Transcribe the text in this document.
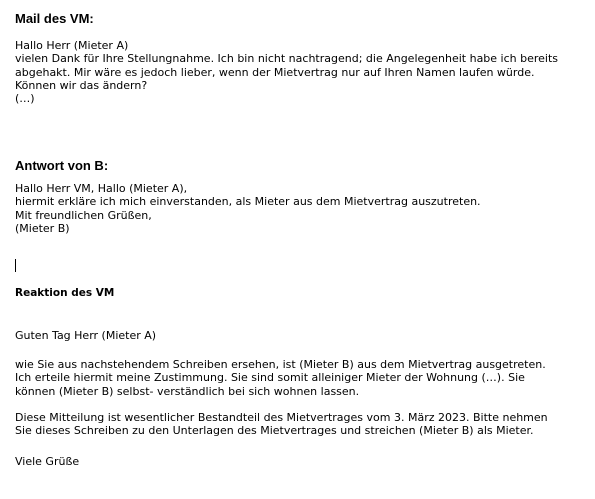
Mail des VM:
Hallo Herr (Mieter A)
vielen Dank für Ihre Stellungnahme. Ich bin nicht nachtragend; die Angelegenheit habe ich bereits
abgehakt. Mir wäre es jedoch lieber, wenn der Mietvertrag nur auf Ihren Namen laufen würde.
Können wir das ändern?
(…)
Antwort von B:
Hallo Herr VM, Hallo (Mieter A),
hiermit erkläre ich mich einverstanden, als Mieter aus dem Mietvertrag auszutreten.
Mit freundlichen Grüßen,
(Mieter B)
Reaktion des VM
Guten Tag Herr (Mieter A)
wie Sie aus nachstehendem Schreiben ersehen, ist (Mieter B) aus dem Mietvertrag ausgetreten.
Ich erteile hiermit meine Zustimmung. Sie sind somit alleiniger Mieter der Wohnung (…). Sie
können (Mieter B) selbst- verständlich bei sich wohnen lassen.
Diese Mitteilung ist wesentlicher Bestandteil des Mietvertrages vom 3. März 2023. Bitte nehmen
Sie dieses Schreiben zu den Unterlagen des Mietvertrages und streichen (Mieter B) als Mieter.
Viele Grüße
